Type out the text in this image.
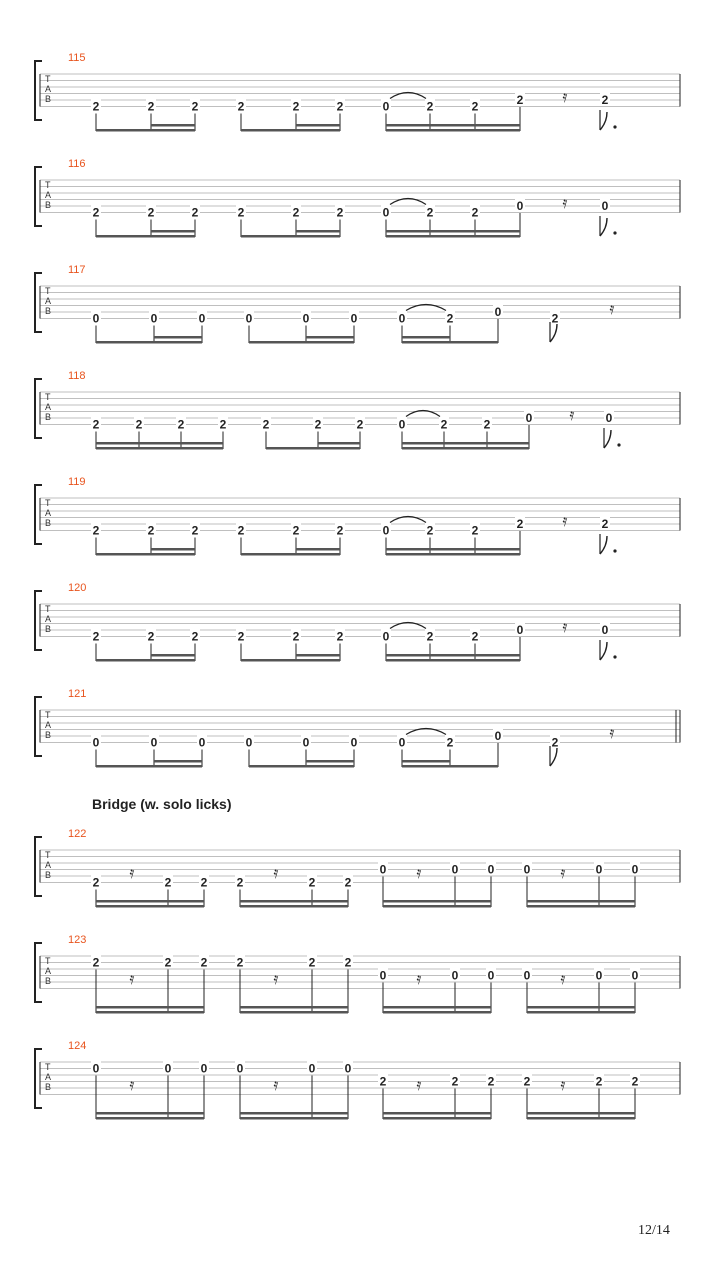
T
A
B
115
2	2	2	2	2	2	0	2	2	2	2
𝄿
T
A
B
116
2	2	2	2	2	2	0	2	2	0	0
𝄿
T
A
B
117
0	0	0	0	0	0	0	2	0	2
𝄿
T
A
B
118
2	2	2	2	2	2	2	0	2	2	0	0
𝄿
T
A
B
119
2	2	2	2	2	2	0	2	2	2	2
𝄿
T
A
B
120
2	2	2	2	2	2	0	2	2	0	0
𝄿
T
A
B
121
0	0	0	0	0	0	0	2	0	2
𝄿
T
A
B
122
2
𝄿
2 2 2
𝄿
2 2
0 𝄿	0 0 0 𝄿	0 0
T
A
B
123
2
𝄿
2 2 2
𝄿
2 2
0 𝄿	0 0 0 𝄿	0 0
T
A
B
124
0
𝄿
0 0 0
𝄿
0 0
2 𝄿	2 2 2 𝄿	2 2
Bridge (w. solo licks)
12/14
